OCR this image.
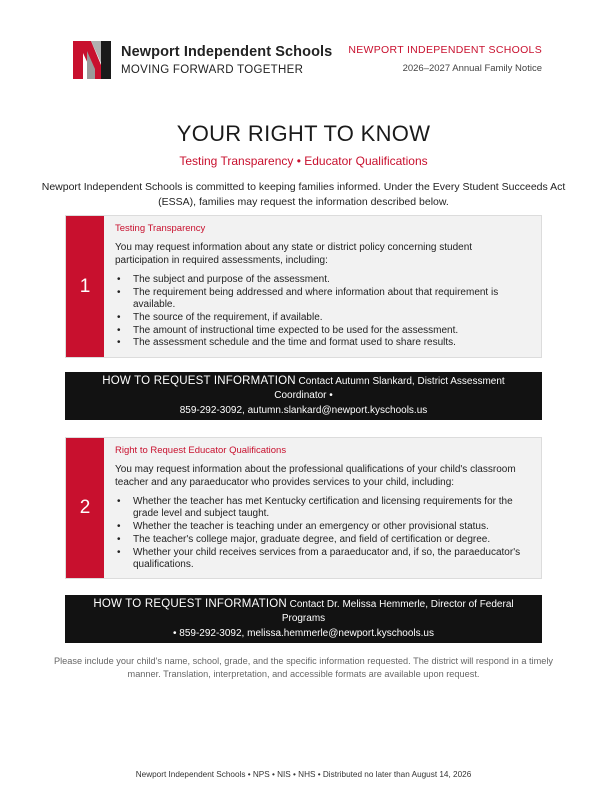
Newport Independent Schools
MOVING FORWARD TOGETHER
NEWPORT INDEPENDENT SCHOOLS
2026–2027 Annual Family Notice
YOUR RIGHT TO KNOW
Testing Transparency • Educator Qualifications
Newport Independent Schools is committed to keeping families informed. Under the Every Student Succeeds Act (ESSA), families may request the information described below.
1
Testing Transparency
You may request information about any state or district policy concerning student participation in required assessments, including:
• The subject and purpose of the assessment.
• The requirement being addressed and where information about that requirement is available.
• The source of the requirement, if available.
• The amount of instructional time expected to be used for the assessment.
• The assessment schedule and the time and format used to share results.
HOW TO REQUEST INFORMATION Contact Autumn Slankard, District Assessment Coordinator •
859-292-3092, autumn.slankard@newport.kyschools.us
2
Right to Request Educator Qualifications
You may request information about the professional qualifications of your child's classroom teacher and any paraeducator who provides services to your child, including:
• Whether the teacher has met Kentucky certification and licensing requirements for the grade level and subject taught.
• Whether the teacher is teaching under an emergency or other provisional status.
• The teacher's college major, graduate degree, and field of certification or degree.
• Whether your child receives services from a paraeducator and, if so, the paraeducator's qualifications.
HOW TO REQUEST INFORMATION Contact Dr. Melissa Hemmerle, Director of Federal Programs
• 859-292-3092, melissa.hemmerle@newport.kyschools.us
Please include your child's name, school, grade, and the specific information requested. The district will respond in a timely manner. Translation, interpretation, and accessible formats are available upon request.
Newport Independent Schools • NPS • NIS • NHS • Distributed no later than August 14, 2026
